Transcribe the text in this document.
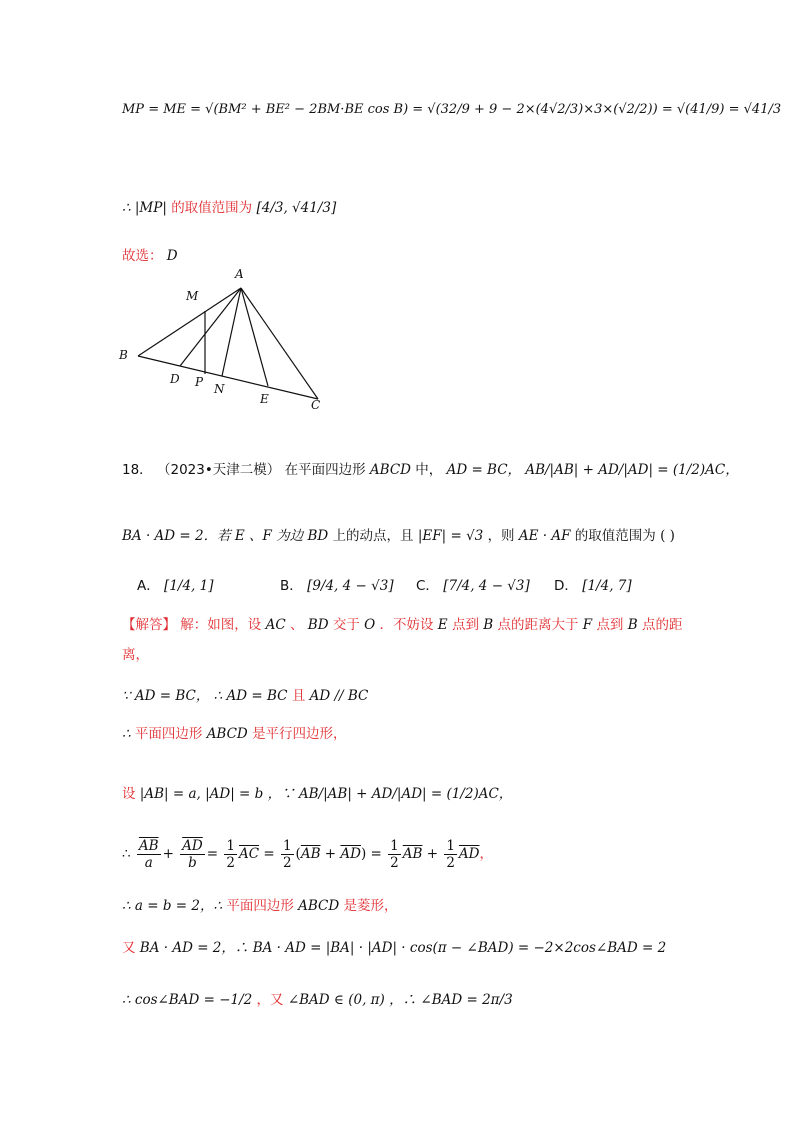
MP = ME = √(BM² + BE² − 2BM·BE cos B) = √(32/9 + 9 − 2×(4√2/3)×3×(√2/2)) = √(41/9) = √41/3
∴ |MP| 的取值范围为 [4/3, √41/3]
故选： D
A
M
B
D P N
E	C
18． （2023•天津二模） 在平面四边形 ABCD 中， AD = BC， AB/|AB| + AD/|AD| = (1/2)AC，
BA · AD = 2．若 E 、F 为边 BD 上的动点，且 |EF| = √3 ，则 AE · AF 的取值范围为 ( )
A． [1/4, 1]	B． [9/4, 4 − √3] C． [7/4, 4 − √3] D． [1/4, 7]
【解答】 解：如图，设 AC 、 BD 交于 O ．不妨设 E 点到 B 点的距离大于 F 点到 B 点的距
离，
∵ AD = BC， ∴ AD = BC 且 AD // BC
∴ 平面四边形 ABCD 是平行四边形，
设 |AB| = a, |AD| = b ，∵ AB/|AB| + AD/|AD| = (1/2)AC，
∴ $\frac{\overline{AB}}{a} + \frac{\overline{AD}}{b} = \frac{1}{2} \overline{AC} = \frac{1}{2} (\overline{AB} + \overline{AD}) = \frac{1}{2} \overline{AB} + \frac{1}{2} \overline{AD}$，
∴ a = b = 2，∴ 平面四边形 ABCD 是菱形，
又 BA · AD = 2，∴ BA · AD = |BA| · |AD| · cos(π − ∠BAD) = −2×2cos∠BAD = 2
∴ cos∠BAD = −1/2 ，又 ∠BAD ∈ (0, π) ，∴ ∠BAD = 2π/3
